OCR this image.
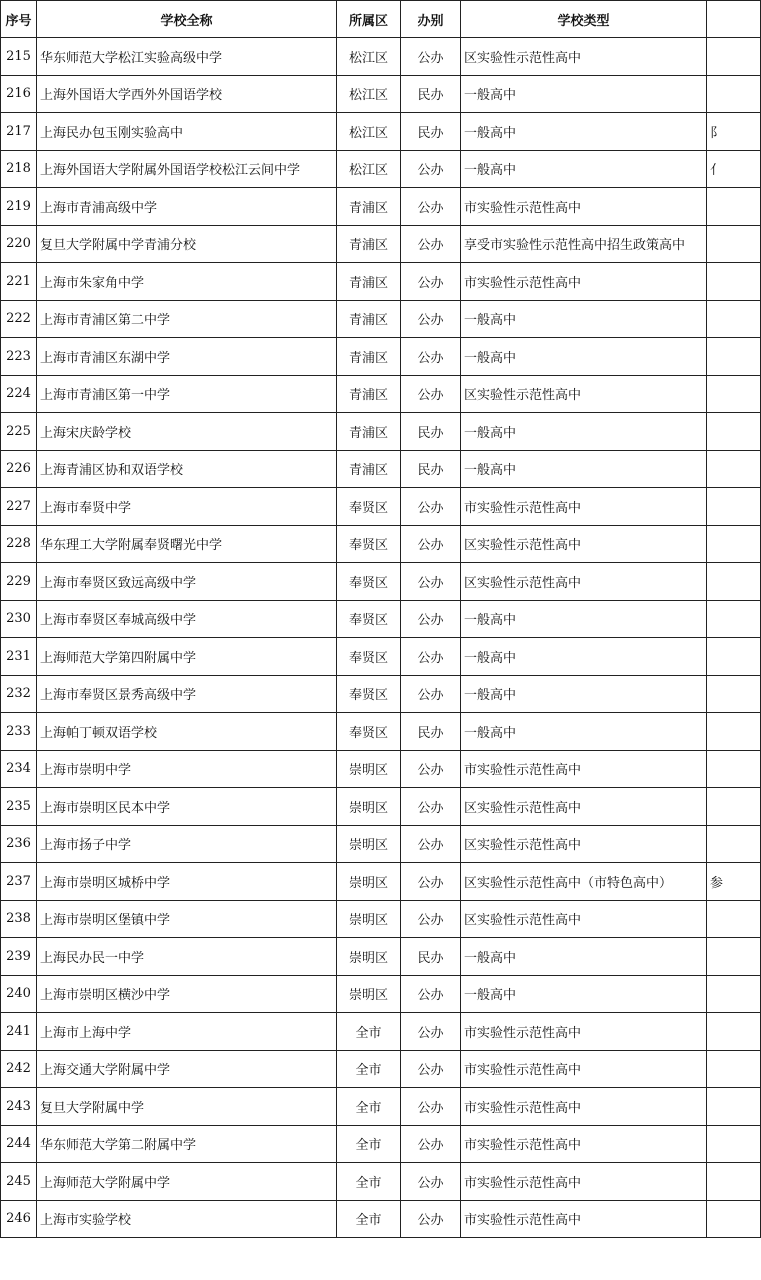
序号	学校全称	所属区	办别	学校类型	
215	华东师范大学松江实验高级中学	松江区	公办	区实验性示范性高中	
216	上海外国语大学西外外国语学校	松江区	民办	一般高中	
217	上海民办包玉刚实验高中	松江区	民办	一般高中	阝
218	上海外国语大学附属外国语学校松江云间中学	松江区	公办	一般高中	亻
219	上海市青浦高级中学	青浦区	公办	市实验性示范性高中	
220	复旦大学附属中学青浦分校	青浦区	公办	享受市实验性示范性高中招生政策高中	
221	上海市朱家角中学	青浦区	公办	市实验性示范性高中	
222	上海市青浦区第二中学	青浦区	公办	一般高中	
223	上海市青浦区东湖中学	青浦区	公办	一般高中	
224	上海市青浦区第一中学	青浦区	公办	区实验性示范性高中	
225	上海宋庆龄学校	青浦区	民办	一般高中	
226	上海青浦区协和双语学校	青浦区	民办	一般高中	
227	上海市奉贤中学	奉贤区	公办	市实验性示范性高中	
228	华东理工大学附属奉贤曙光中学	奉贤区	公办	区实验性示范性高中	
229	上海市奉贤区致远高级中学	奉贤区	公办	区实验性示范性高中	
230	上海市奉贤区奉城高级中学	奉贤区	公办	一般高中	
231	上海师范大学第四附属中学	奉贤区	公办	一般高中	
232	上海市奉贤区景秀高级中学	奉贤区	公办	一般高中	
233	上海帕丁顿双语学校	奉贤区	民办	一般高中	
234	上海市崇明中学	崇明区	公办	市实验性示范性高中	
235	上海市崇明区民本中学	崇明区	公办	区实验性示范性高中	
236	上海市扬子中学	崇明区	公办	区实验性示范性高中	
237	上海市崇明区城桥中学	崇明区	公办	区实验性示范性高中（市特色高中）	参
238	上海市崇明区堡镇中学	崇明区	公办	区实验性示范性高中	
239	上海民办民一中学	崇明区	民办	一般高中	
240	上海市崇明区横沙中学	崇明区	公办	一般高中	
241	上海市上海中学	全市	公办	市实验性示范性高中	
242	上海交通大学附属中学	全市	公办	市实验性示范性高中	
243	复旦大学附属中学	全市	公办	市实验性示范性高中	
244	华东师范大学第二附属中学	全市	公办	市实验性示范性高中	
245	上海师范大学附属中学	全市	公办	市实验性示范性高中	
246	上海市实验学校	全市	公办	市实验性示范性高中	
